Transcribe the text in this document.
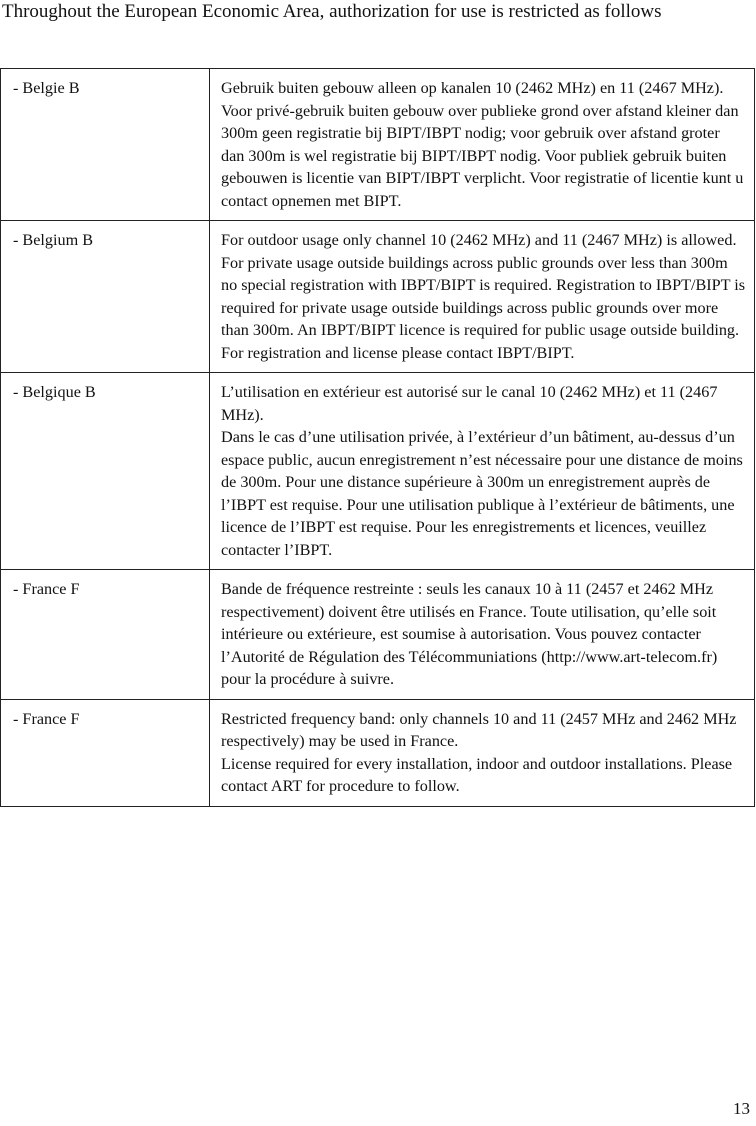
Throughout the European Economic Area, authorization for use is restricted as follows

- Belgie B	Gebruik buiten gebouw alleen op kanalen 10 (2462 MHz) en 11 (2467 MHz).
Voor privé-gebruik buiten gebouw over publieke grond over afstand kleiner dan 300m geen registratie bij BIPT/IBPT nodig; voor gebruik over afstand groter dan 300m is wel registratie bij BIPT/IBPT nodig. Voor publiek gebruik buiten gebouwen is licentie van BIPT/IBPT verplicht. Voor registratie of licentie kunt u contact opnemen met BIPT.

- Belgium B	For outdoor usage only channel 10 (2462 MHz) and 11 (2467 MHz) is allowed.
For private usage outside buildings across public grounds over less than 300m no special registration with IBPT/BIPT is required. Registration to IBPT/BIPT is required for private usage outside buildings across public grounds over more than 300m. An IBPT/BIPT licence is required for public usage outside building. For registration and license please contact IBPT/BIPT.

- Belgique B	L’utilisation en extérieur est autorisé sur le canal 10 (2462 MHz) et 11 (2467 MHz).
Dans le cas d’une utilisation privée, à l’extérieur d’un bâtiment, au-dessus d’un espace public, aucun enregistrement n’est nécessaire pour une distance de moins de 300m. Pour une distance supérieure à 300m un enregistrement auprès de l’IBPT est requise. Pour une utilisation publique à l’extérieur de bâtiments, une licence de l’IBPT est requise. Pour les enregistrements et licences, veuillez contacter l’IBPT.

- France F	Bande de fréquence restreinte : seuls les canaux 10 à 11 (2457 et 2462 MHz respectivement) doivent être utilisés en France. Toute utilisation, qu’elle soit intérieure ou extérieure, est soumise à autorisation. Vous pouvez contacter l’Autorité de Régulation des Télécommuniations (http://www.art-telecom.fr) pour la procédure à suivre.

- France F	Restricted frequency band: only channels 10 and 11 (2457 MHz and 2462 MHz respectively) may be used in France.
License required for every installation, indoor and outdoor installations. Please contact ART for procedure to follow.
13
